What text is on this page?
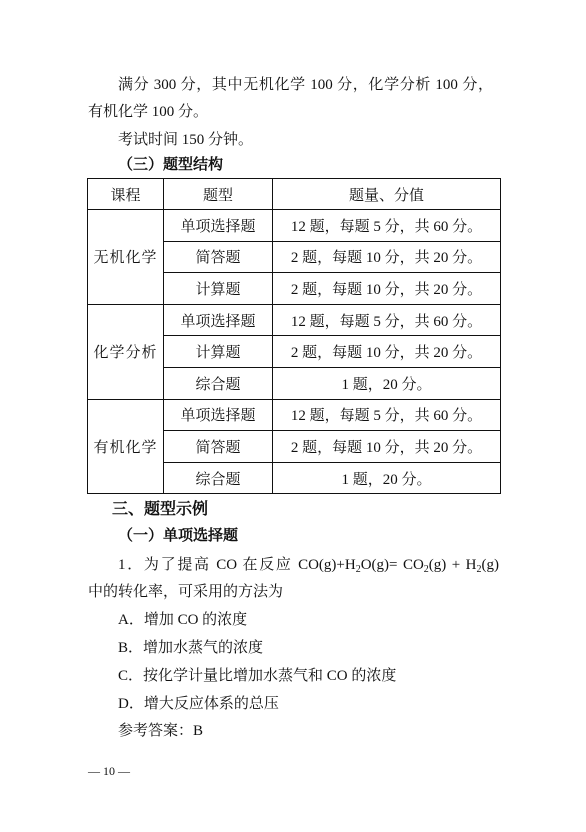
满分 300 分，其中无机化学 100 分，化学分析 100 分，
有机化学 100 分。
考试时间 150 分钟。
（三）题型结构
课程	题型	题量、分值
无机化学	单项选择题	12 题，每题 5 分，共 60 分。
	简答题	2 题，每题 10 分，共 20 分。
	计算题	2 题，每题 10 分，共 20 分。
化学分析	单项选择题	12 题，每题 5 分，共 60 分。
	计算题	2 题，每题 10 分，共 20 分。
	综合题	1 题，20 分。
有机化学	单项选择题	12 题，每题 5 分，共 60 分。
	简答题	2 题，每题 10 分，共 20 分。
	综合题	1 题，20 分。
三、题型示例
（一）单项选择题
1．为了提高 CO 在反应 $CO(g)+H_2O(g)= CO_2(g) + H_2(g)$
中的转化率，可采用的方法为
A．增加 CO 的浓度
B．增加水蒸气的浓度
C．按化学计量比增加水蒸气和 CO 的浓度
D．增大反应体系的总压
参考答案：B
— 10 —
